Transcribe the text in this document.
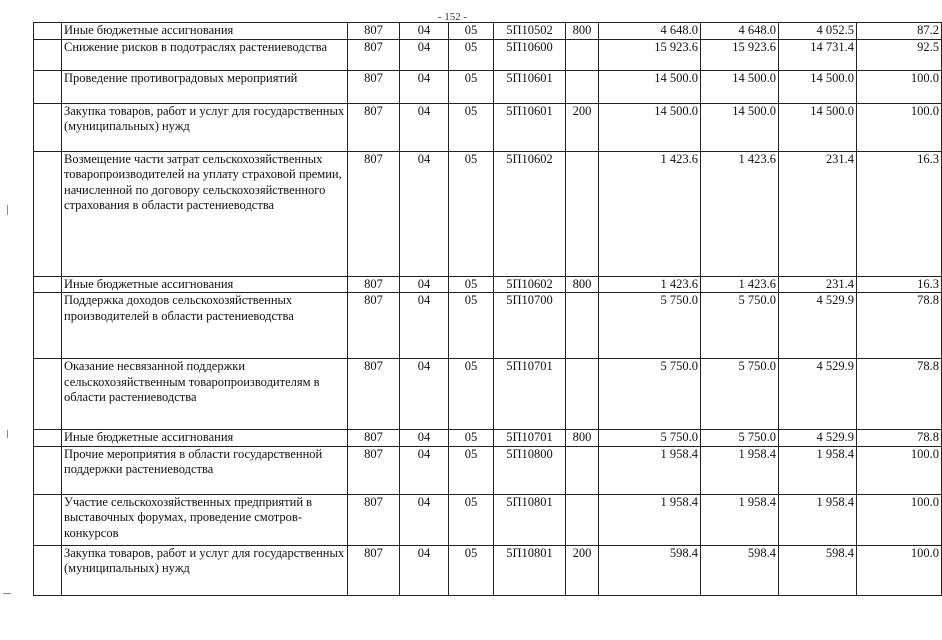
- 152 -
	Иные бюджетные ассигнования	807	04	05	5П10502	800	4 648.0	4 648.0	4 052.5	87.2
	Снижение рисков в подотраслях растениеводства	807	04	05	5П10600		15 923.6	15 923.6	14 731.4	92.5
	Проведение противоградовых мероприятий	807	04	05	5П10601		14 500.0	14 500.0	14 500.0	100.0
	Закупка товаров, работ и услуг для государственных (муниципальных) нужд	807	04	05	5П10601	200	14 500.0	14 500.0	14 500.0	100.0
	Возмещение части затрат сельскохозяйственных товаропроизводителей на уплату страховой премии, начисленной по договору сельскохозяйственного страхования в области растениеводства	807	04	05	5П10602		1 423.6	1 423.6	231.4	16.3
	Иные бюджетные ассигнования	807	04	05	5П10602	800	1 423.6	1 423.6	231.4	16.3
	Поддержка доходов сельскохозяйственных производителей в области растениеводства	807	04	05	5П10700		5 750.0	5 750.0	4 529.9	78.8
	Оказание несвязанной поддержки сельскохозяйственным товаропроизводителям в области растениеводства	807	04	05	5П10701		5 750.0	5 750.0	4 529.9	78.8
	Иные бюджетные ассигнования	807	04	05	5П10701	800	5 750.0	5 750.0	4 529.9	78.8
	Прочие мероприятия в области государственной поддержки растениеводства	807	04	05	5П10800		1 958.4	1 958.4	1 958.4	100.0
	Участие сельскохозяйственных предприятий в выставочных форумах, проведение смотров-конкурсов	807	04	05	5П10801		1 958.4	1 958.4	1 958.4	100.0
	Закупка товаров, работ и услуг для государственных (муниципальных) нужд	807	04	05	5П10801	200	598.4	598.4	598.4	100.0
